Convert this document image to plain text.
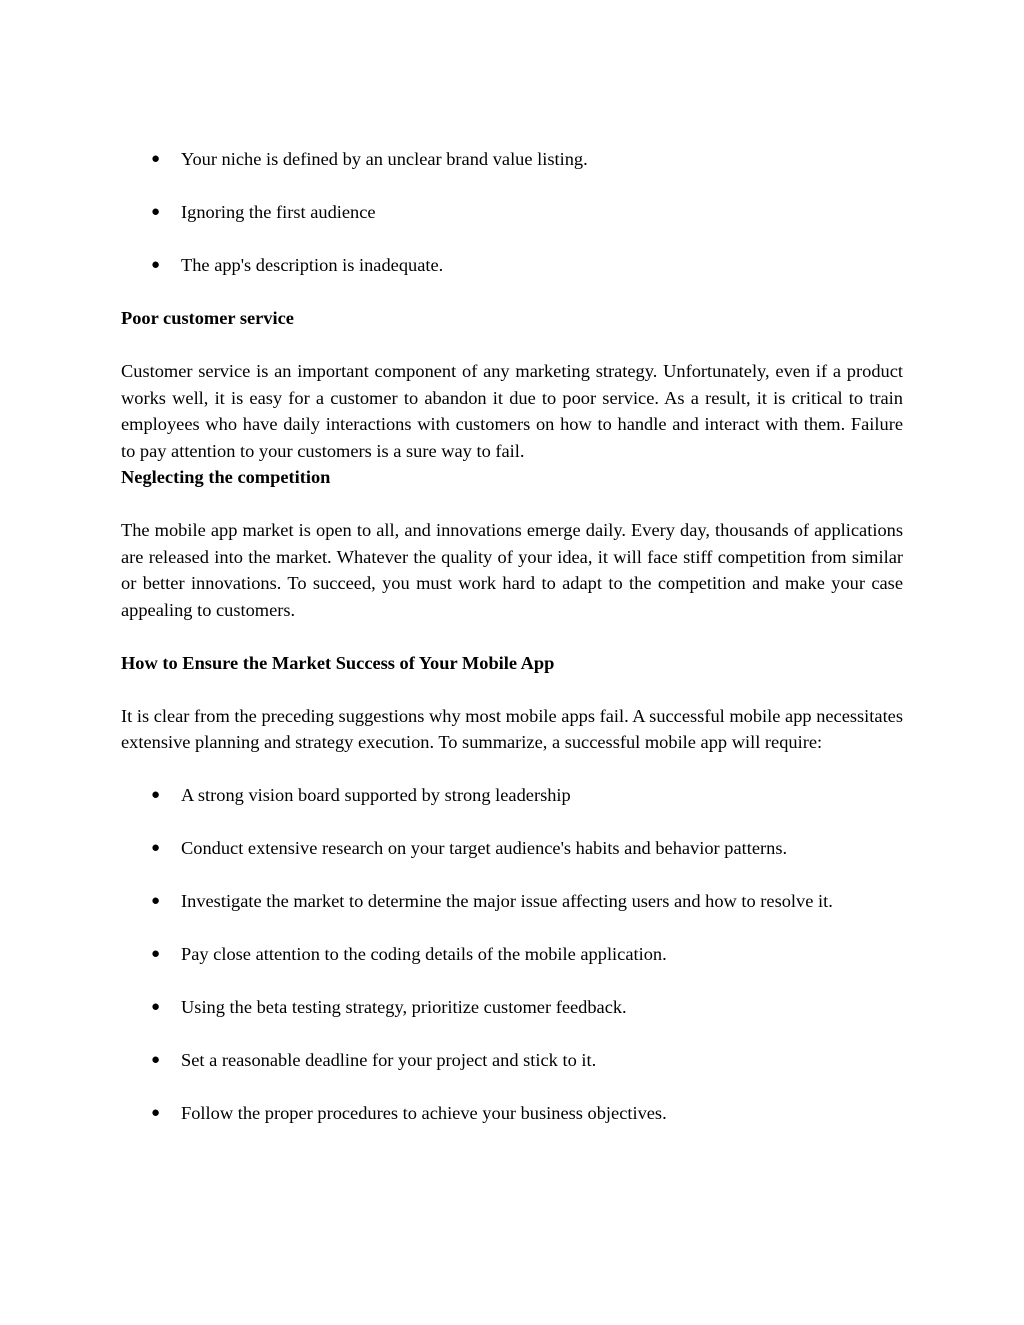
● Your niche is defined by an unclear brand value listing.
● Ignoring the first audience
● The app's description is inadequate.
Poor customer service
Customer service is an important component of any marketing strategy. Unfortunately, even if a product works well, it is easy for a customer to abandon it due to poor service. As a result, it is critical to train employees who have daily interactions with customers on how to handle and interact with them. Failure to pay attention to your customers is a sure way to fail.
Neglecting the competition
The mobile app market is open to all, and innovations emerge daily. Every day, thousands of applications are released into the market. Whatever the quality of your idea, it will face stiff competition from similar or better innovations. To succeed, you must work hard to adapt to the competition and make your case appealing to customers.
How to Ensure the Market Success of Your Mobile App
It is clear from the preceding suggestions why most mobile apps fail. A successful mobile app necessitates extensive planning and strategy execution. To summarize, a successful mobile app will require:
● A strong vision board supported by strong leadership
● Conduct extensive research on your target audience's habits and behavior patterns.
● Investigate the market to determine the major issue affecting users and how to resolve it.
● Pay close attention to the coding details of the mobile application.
● Using the beta testing strategy, prioritize customer feedback.
● Set a reasonable deadline for your project and stick to it.
● Follow the proper procedures to achieve your business objectives.
